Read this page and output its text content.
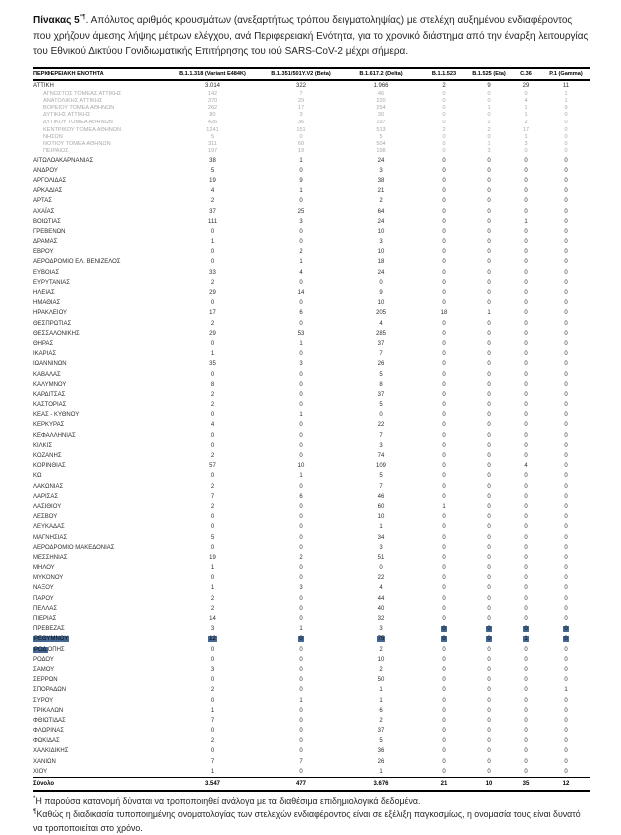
Πίνακας 5*¶. Απόλυτος αριθμός κρουσμάτων (ανεξαρτήτως τρόπου δειγματοληψίας) με στελέχη αυξημένου ενδιαφέροντος που χρήζουν άμεσης λήψης μέτρων ελέγχου, ανά Περιφερειακή Ενότητα, για το χρονικό διάστημα από την έναρξη λειτουργίας του Εθνικού Δικτύου Γονιδιωματικής Επιτήρησης του ιού SARS-CoV-2 μέχρι σήμερα.

ΠΕΡΙΦΕΡΕΙΑΚΗ ΕΝΟΤΗΤΑ	B.1.1.318 (Variant E484K)	B.1.351/501Y.V2 (Beta)	B.1.617.2 (Delta)	B.1.1.523	B.1.525 (Eta)	C.36	P.1 (Gamma)
ΑΤΤΙΚΗ	3.014	322	1.966	2	9	29	11
ΑΓΝΩΣΤΟΣ ΤΟΜΕΑΣ ΑΤΤΙΚΗΣ	142	7	46	0	0	0	1
ΑΝΑΤΟΛΙΚΗΣ ΑΤΤΙΚΗΣ	370	29	220	0	0	4	1
ΒΟΡΕΙΟΥ ΤΟΜΕΑ ΑΘΗΝΩΝ	262	17	254	0	1	1	9
ΔΥΤΙΚΗΣ ΑΤΤΙΚΗΣ	80	3	30	0	0	1	0
ΔΥΤΙΚΟΥ ΤΟΜΕΑ ΑΘΗΝΩΝ	426	36	197	0	2	2	0
ΚΕΝΤΡΙΚΟΥ ΤΟΜΕΑ ΑΘΗΝΩΝ	1241	151	513	2	2	17	0
ΝΗΣΩΝ	5	0	5	0	0	1	0
ΝΟΤΙΟΥ ΤΟΜΕΑ ΑΘΗΝΩΝ	311	60	504	0	1	3	0
ΠΕΙΡΑΙΩΣ	197	19	198	0	3	0	0
ΑΙΤΩΛΟΑΚΑΡΝΑΝΙΑΣ	38	1	24	0	0	0	0
ΑΝΔΡΟΥ	5	0	3	0	0	0	0
ΑΡΓΟΛΙΔΑΣ	19	9	38	0	0	0	0
ΑΡΚΑΔΙΑΣ	4	1	21	0	0	0	0
ΑΡΤΑΣ	2	0	2	0	0	0	0
ΑΧΑΪΑΣ	37	25	64	0	0	0	0
ΒΟΙΩΤΙΑΣ	111	3	24	0	0	1	0
ΓΡΕΒΕΝΩΝ	0	0	10	0	0	0	0
ΔΡΑΜΑΣ	1	0	3	0	0	0	0
ΕΒΡΟΥ	0	2	10	0	0	0	0
ΑΕΡΟΔΡΟΜΙΟ ΕΛ. ΒΕΝΙΖΕΛΟΣ	0	1	18	0	0	0	0
ΕΥΒΟΙΑΣ	33	4	24	0	0	0	0
ΕΥΡΥΤΑΝΙΑΣ	2	0	0	0	0	0	0
ΗΛΕΙΑΣ	29	14	9	0	0	0	0
ΗΜΑΘΙΑΣ	0	0	10	0	0	0	0
ΗΡΑΚΛΕΙΟΥ	17	6	205	18	1	0	0
ΘΕΣΠΡΩΤΙΑΣ	2	0	4	0	0	0	0
ΘΕΣΣΑΛΟΝΙΚΗΣ	29	53	285	0	0	0	0
ΘΗΡΑΣ	0	1	37	0	0	0	0
ΙΚΑΡΙΑΣ	1	0	7	0	0	0	0
ΙΩΑΝΝΙΝΩΝ	35	3	26	0	0	0	0
ΚΑΒΑΛΑΣ	0	0	5	0	0	0	0
ΚΑΛΥΜΝΟΥ	8	0	8	0	0	0	0
ΚΑΡΔΙΤΣΑΣ	2	0	37	0	0	0	0
ΚΑΣΤΟΡΙΑΣ	2	0	5	0	0	0	0
ΚΕΑΣ - ΚΥΘΝΟΥ	0	1	0	0	0	0	0
ΚΕΡΚΥΡΑΣ	4	0	22	0	0	0	0
ΚΕΦΑΛΛΗΝΙΑΣ	0	0	7	0	0	0	0
ΚΙΛΚΙΣ	0	0	3	0	0	0	0
ΚΟΖΑΝΗΣ	2	0	74	0	0	0	0
ΚΟΡΙΝΘΙΑΣ	57	10	109	0	0	4	0
ΚΩ	0	1	5	0	0	0	0
ΛΑΚΩΝΙΑΣ	2	0	7	0	0	0	0
ΛΑΡΙΣΑΣ	7	6	46	0	0	0	0
ΛΑΣΙΘΙΟΥ	2	0	60	1	0	0	0
ΛΕΣΒΟΥ	0	0	10	0	0	0	0
ΛΕΥΚΑΔΑΣ	0	0	1	0	0	0	0
ΜΑΓΝΗΣΙΑΣ	5	0	34	0	0	0	0
ΑΕΡΟΔΡΟΜΙΟ ΜΑΚΕΔΟΝΙΑΣ	0	0	3	0	0	0	0
ΜΕΣΣΗΝΙΑΣ	19	2	51	0	0	0	0
ΜΗΛΟΥ	1	0	0	0	0	0	0
ΜΥΚΟΝΟΥ	0	0	22	0	0	0	0
ΝΑΞΟΥ	1	3	4	0	0	0	0
ΠΑΡΟΥ	2	0	44	0	0	0	0
ΠΕΛΛΑΣ	2	0	40	0	0	0	0
ΠΙΕΡΙΑΣ	14	0	32	0	0	0	0
ΠΡΕΒΕΖΑΣ	3	1	3	0	0	0	0
ΡΕΘΥΜΝΟΥ	12	0	75	0	0	1	0
ΡΟΔΟΠΗΣ	0	0	2	0	0	0	0
ΡΟΔΟΥ	0	0	10	0	0	0	0
ΣΑΜΟΥ	3	0	2	0	0	0	0
ΣΕΡΡΩΝ	0	0	50	0	0	0	0
ΣΠΟΡΑΔΩΝ	2	0	1	0	0	0	1
ΣΥΡΟΥ	0	1	1	0	0	0	0
ΤΡΙΚΑΛΩΝ	1	0	6	0	0	0	0
ΦΘΙΩΤΙΔΑΣ	7	0	2	0	0	0	0
ΦΛΩΡΙΝΑΣ	0	0	37	0	0	0	0
ΦΩΚΙΔΑΣ	2	0	5	0	0	0	0
ΧΑΛΚΙΔΙΚΗΣ	0	0	36	0	0	0	0
ΧΑΝΙΩΝ	7	7	26	0	0	0	0
ΧΙΟΥ	1	0	1	0	0	0	0
Σύνολο	3.547	477	3.676	21	10	35	12

*Η παρούσα κατανομή δύναται να τροποποιηθεί ανάλογα με τα διαθέσιμα επιδημιολογικά δεδομένα.

¶Καθώς η διαδικασία τυποποιημένης ονοματολογίας των στελεχών ενδιαφέροντος είναι σε εξέλιξη παγκοσμίως, η ονομασία τους είναι δυνατό να τροποποιείται στο χρόνο.
